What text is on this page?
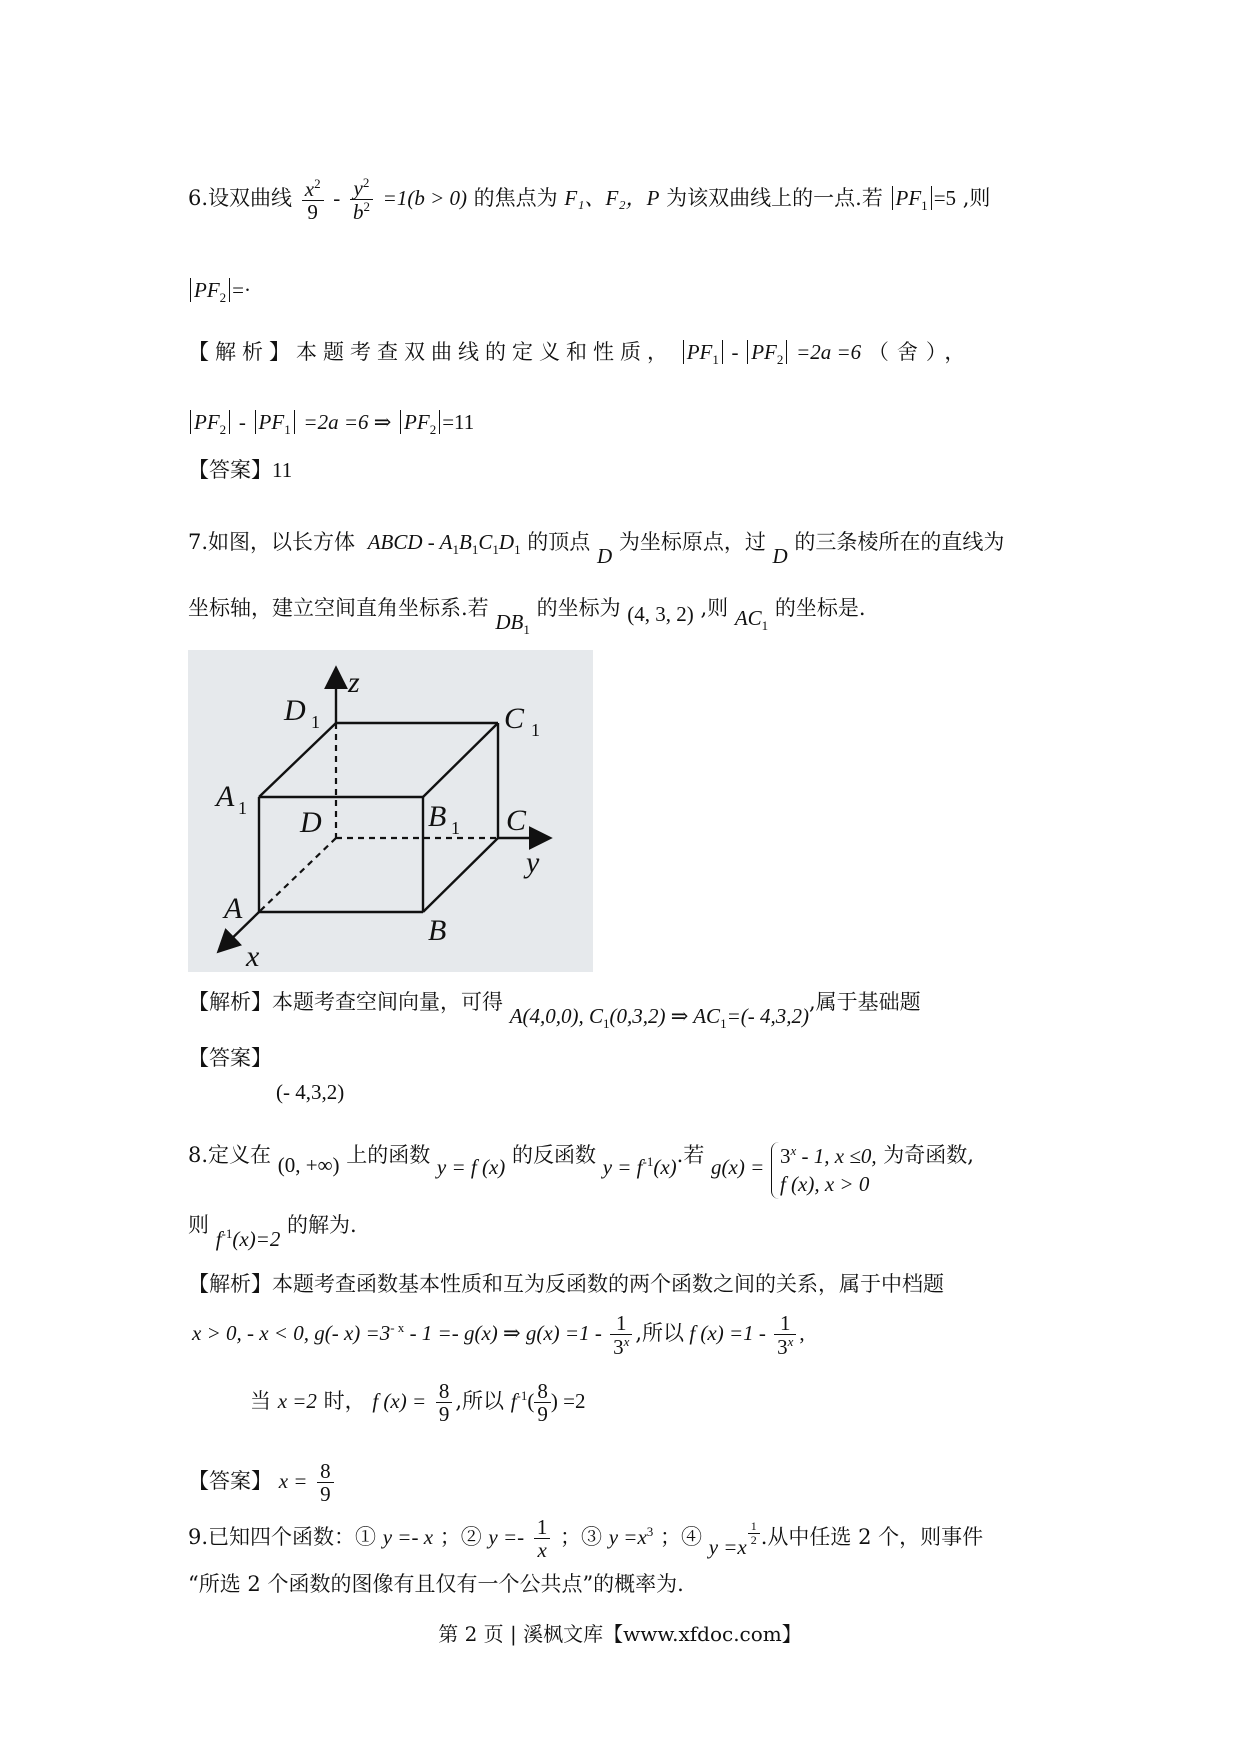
6.设双曲线 $\frac{x^2}{9} - \frac{y^2}{b^2} =1(b > 0)$ 的焦点为 F₁、F₂，P 为该双曲线上的一点.若 $PF_1 =5$ ,则
$PF_2$ =·
【解析】本题考查双曲线的定义和性质， $PF_1 - PF_2 =2a =6$ （舍），
$PF_2 - PF_1 =2a =6$ ⇒ $PF_2 =11$
【答案】11
7.如图，以长方体 ABCD - $A_1B_1C_1D_1$ 的顶点 D 为坐标原点，过 D 的三条棱所在的直线为
坐标轴，建立空间直角坐标系.若 $DB_1$ 的坐标为 (4, 3, 2) ,则 $AC_1$ 的坐标是.
z
y
x
D	C
A
B
D	C
A
B
1	1
1
1
【解析】本题考查空间向量，可得 A(4,0,0), $C_1(0,3,2)$ ⇒ $AC_1=(-$ 4,3,2),属于基础题
【答案】
(- 4,3,2)
8.定义在 (0, +∞) 上的函数 y = f (x) 的反函数 $y = f^{-1}(x)$.若 $g(x) = 3^x - 1$, x ≤0,
f (x), x > 0
为奇函数,
则 $f^{-1}(x)=2$ 的解为.
【解析】本题考查函数基本性质和互为反函数的两个函数之间的关系，属于中档题
x > 0, - x < 0, g(- $x) =3^{- x} - 1 =- g(x)$ ⇒ $g(x) =1 - \frac{1}{3^x}$ ,所以 f $(x) =1 - \frac{1}{3^x}$ ,
当 x =2 时， f $(x) = \frac{8}{9}$ ,所以 $f^{-1}( \frac{8}{9}$ ) =2
【答案】 $x = \frac{8}{9}$
9.已知四个函数：① y =- x ；② $y =- \frac{1}{x}$ ；③ $y =x^3$ ；④ y =x
$\frac{1}{2}$ .从中任选 2 个，则事件
“所选 2 个函数的图像有且仅有一个公共点”的概率为.
第 2 页 | 溪枫文库【www.xfdoc.com】
